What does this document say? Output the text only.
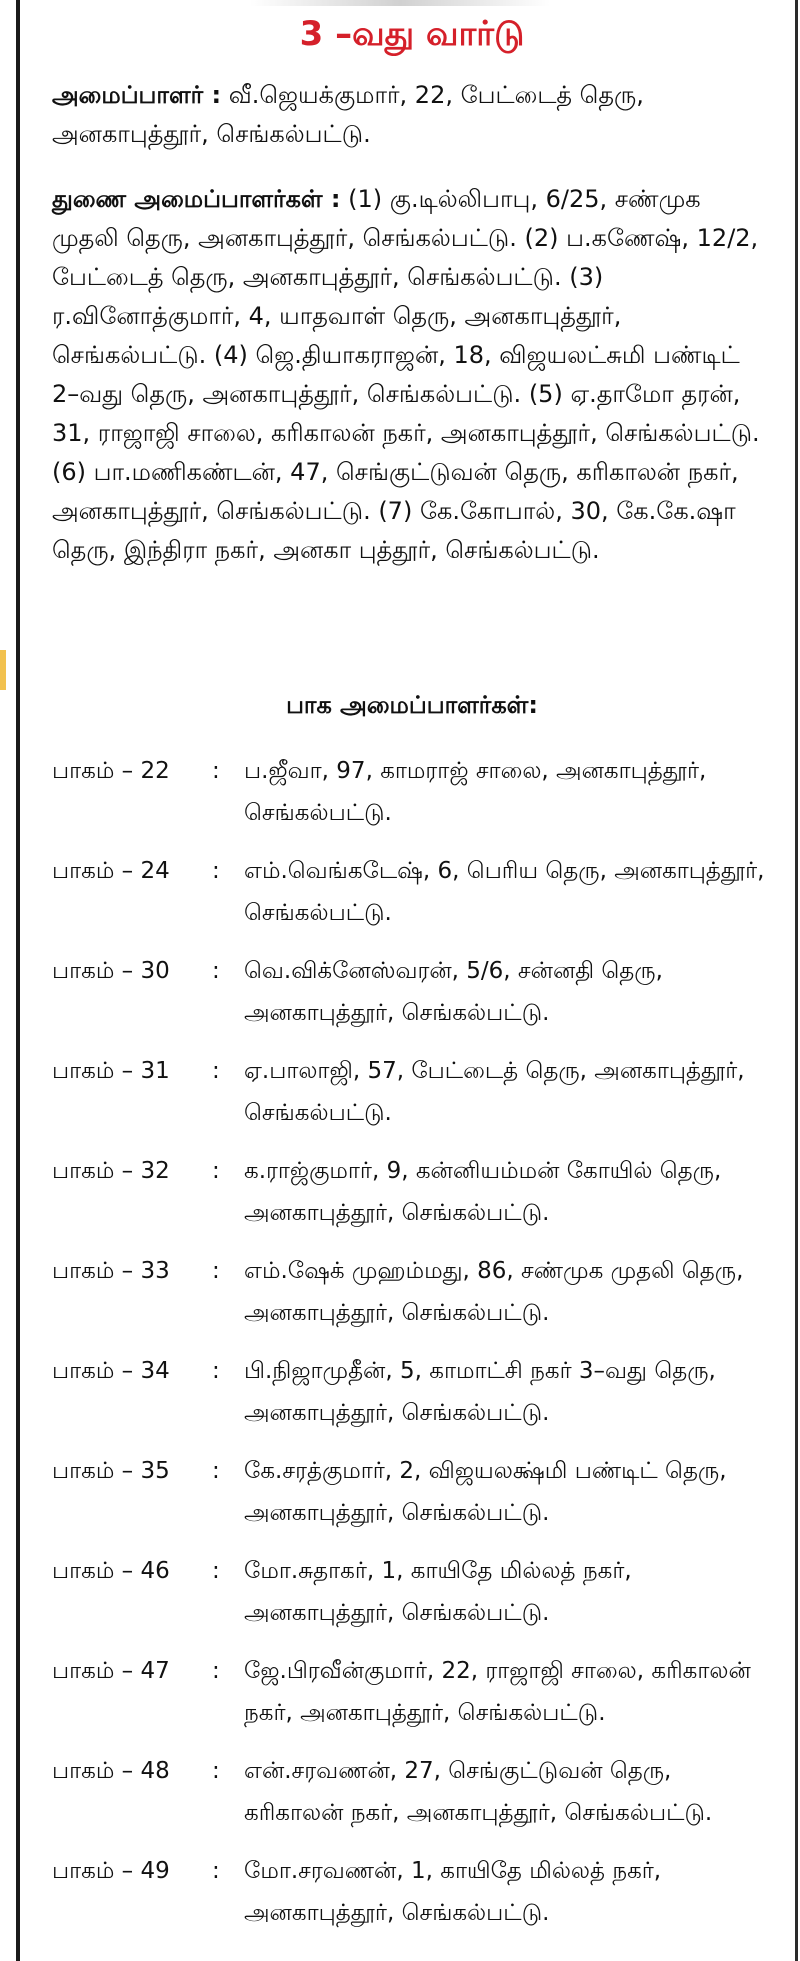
3 –வது வார்டு

அமைப்பாளர் : வீ.ஜெயக்குமார், 22, பேட்டைத் தெரு, அனகாபுத்தூர், செங்கல்பட்டு.

துணை அமைப்பாளர்கள் : (1) கு.டில்லிபாபு, 6/25, சண்முக முதலி தெரு, அனகாபுத்தூர், செங்கல்பட்டு. (2) ப.கணேஷ், 12/2, பேட்டைத் தெரு, அனகாபுத்தூர், செங்கல்பட்டு. (3) ர.வினோத்குமார், 4, யாதவாள் தெரு, அனகாபுத்தூர், செங்கல்பட்டு. (4) ஜெ.தியாகராஜன், 18, விஜயலட்சுமி பண்டிட் 2–வது தெரு, அனகாபுத்தூர், செங்கல்பட்டு. (5) ஏ.தாமோ தரன், 31, ராஜாஜி சாலை, கரிகாலன் நகர், அனகாபுத்தூர், செங்கல்பட்டு. (6) பா.மணிகண்டன், 47, செங்குட்டுவன் தெரு, கரிகாலன் நகர், அனகாபுத்தூர், செங்கல்பட்டு. (7) கே.கோபால், 30, கே.கே.ஷா தெரு, இந்திரா நகர், அனகா புத்தூர், செங்கல்பட்டு.

பாக அமைப்பாளர்கள்:
பாகம் – 22	:	ப.ஜீவா, 97, காமராஜ் சாலை, அனகாபுத்தூர், செங்கல்பட்டு.
பாகம் – 24	:	எம்.வெங்கடேஷ், 6, பெரிய தெரு, அனகாபுத்தூர், செங்கல்பட்டு.
பாகம் – 30	:	வெ.விக்னேஸ்வரன், 5/6, சன்னதி தெரு, அனகாபுத்தூர், செங்கல்பட்டு.
பாகம் – 31	:	ஏ.பாலாஜி, 57, பேட்டைத் தெரு, அனகாபுத்தூர், செங்கல்பட்டு.
பாகம் – 32	:	க.ராஜ்குமார், 9, கன்னியம்மன் கோயில் தெரு, அனகாபுத்தூர், செங்கல்பட்டு.
பாகம் – 33	:	எம்.ஷேக் முஹம்மது, 86, சண்முக முதலி தெரு, அனகாபுத்தூர், செங்கல்பட்டு.
பாகம் – 34	:	பி.நிஜாமுதீன், 5, காமாட்சி நகர் 3–வது தெரு, அனகாபுத்தூர், செங்கல்பட்டு.
பாகம் – 35	:	கே.சரத்குமார், 2, விஜயலக்ஷ்மி பண்டிட் தெரு, அனகாபுத்தூர், செங்கல்பட்டு.
பாகம் – 46	:	மோ.சுதாகர், 1, காயிதே மில்லத் நகர், அனகாபுத்தூர், செங்கல்பட்டு.
பாகம் – 47	:	ஜே.பிரவீன்குமார், 22, ராஜாஜி சாலை, கரிகாலன் நகர், அனகாபுத்தூர், செங்கல்பட்டு.
பாகம் – 48	:	என்.சரவணன், 27, செங்குட்டுவன் தெரு, கரிகாலன் நகர், அனகாபுத்தூர், செங்கல்பட்டு.
பாகம் – 49	:	மோ.சரவணன், 1, காயிதே மில்லத் நகர், அனகாபுத்தூர், செங்கல்பட்டு.
